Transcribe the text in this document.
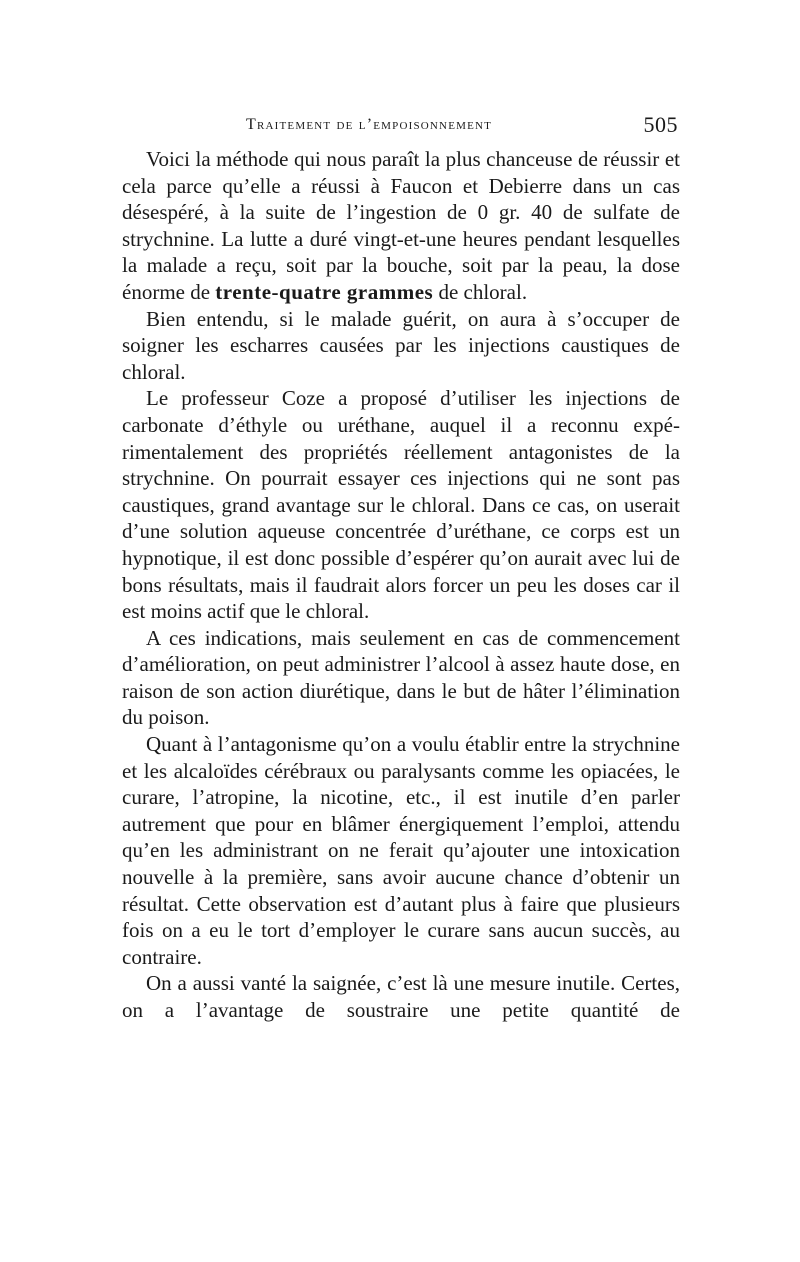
Traitement de l’empoisonnement	505

Voici la méthode qui nous paraît la plus chanceuse de réussir et cela parce qu’elle a réussi à Faucon et Debierre dans un cas désespéré, à la suite de l’ingestion de 0 gr. 40 de sulfate de strychnine. La lutte a duré vingt-et-une heures pendant lesquelles la malade a reçu, soit par la bouche, soit par la peau, la dose énorme de trente-quatre grammes de chloral.

Bien entendu, si le malade guérit, on aura à s’occuper de soigner les escharres causées par les injections caustiques de chloral.

Le professeur Coze a proposé d’utiliser les injections de carbonate d’éthyle ou uréthane, auquel il a reconnu expérimentalement des propriétés réellement antagonistes de la strychnine. On pourrait essayer ces injections qui ne sont pas caustiques, grand avantage sur le chloral. Dans ce cas, on userait d’une solution aqueuse concentrée d’uréthane, ce corps est un hypnotique, il est donc possible d’espérer qu’on aurait avec lui de bons résultats, mais il faudrait alors forcer un peu les doses car il est moins actif que le chloral.

A ces indications, mais seulement en cas de commencement d’amélioration, on peut administrer l’alcool à assez haute dose, en raison de son action diurétique, dans le but de hâter l’élimination du poison.

Quant à l’antagonisme qu’on a voulu établir entre la strychnine et les alcaloïdes cérébraux ou paralysants comme les opiacées, le curare, l’atropine, la nicotine, etc., il est inutile d’en parler autrement que pour en blâmer énergiquement l’emploi, attendu qu’en les administrant on ne ferait qu’ajouter une intoxication nouvelle à la première, sans avoir aucune chance d’obtenir un résultat. Cette observation est d’autant plus à faire que plusieurs fois on a eu le tort d’employer le curare sans aucun succès, au contraire.

On a aussi vanté la saignée, c’est là une mesure inutile. Certes, on a l’avantage de soustraire une petite quantité de
